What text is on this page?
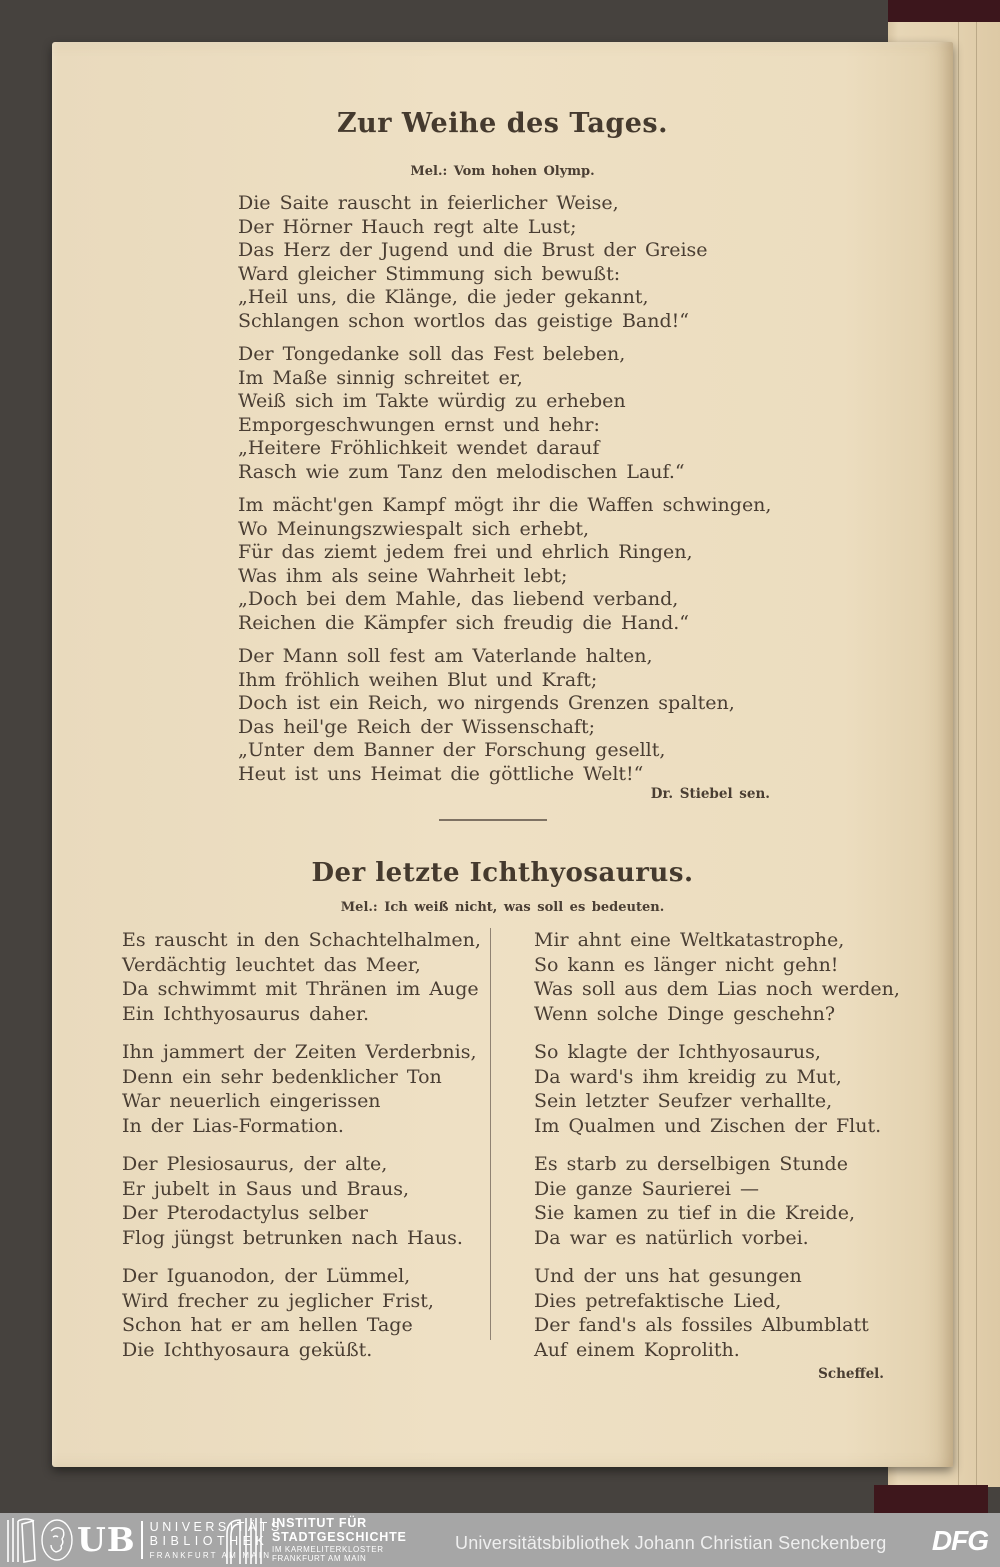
Zur Weihe des Tages.
Mel.: Vom hohen Olymp.
Die Saite rauscht in feierlicher Weise,
Der Hörner Hauch regt alte Lust;
Das Herz der Jugend und die Brust der Greise
Ward gleicher Stimmung sich bewußt:
„Heil uns, die Klänge, die jeder gekannt,
Schlangen schon wortlos das geistige Band!“
Der Tongedanke soll das Fest beleben,
Im Maße sinnig schreitet er,
Weiß sich im Takte würdig zu erheben
Emporgeschwungen ernst und hehr:
„Heitere Fröhlichkeit wendet darauf
Rasch wie zum Tanz den melodischen Lauf.“
Im mächt'gen Kampf mögt ihr die Waffen schwingen,
Wo Meinungszwiespalt sich erhebt,
Für das ziemt jedem frei und ehrlich Ringen,
Was ihm als seine Wahrheit lebt;
„Doch bei dem Mahle, das liebend verband,
Reichen die Kämpfer sich freudig die Hand.“
Der Mann soll fest am Vaterlande halten,
Ihm fröhlich weihen Blut und Kraft;
Doch ist ein Reich, wo nirgends Grenzen spalten,
Das heil'ge Reich der Wissenschaft;
„Unter dem Banner der Forschung gesellt,
Heut ist uns Heimat die göttliche Welt!“
Dr. Stiebel sen.
Der letzte Ichthyosaurus.
Mel.: Ich weiß nicht, was soll es bedeuten.
Es rauscht in den Schachtelhalmen,
Verdächtig leuchtet das Meer,
Da schwimmt mit Thränen im Auge
Ein Ichthyosaurus daher.
Ihn jammert der Zeiten Verderbnis,
Denn ein sehr bedenklicher Ton
War neuerlich eingerissen
In der Lias-Formation.
Der Plesiosaurus, der alte,
Er jubelt in Saus und Braus,
Der Pterodactylus selber
Flog jüngst betrunken nach Haus.
Der Iguanodon, der Lümmel,
Wird frecher zu jeglicher Frist,
Schon hat er am hellen Tage
Die Ichthyosaura geküßt.
Mir ahnt eine Weltkatastrophe,
So kann es länger nicht gehn!
Was soll aus dem Lias noch werden,
Wenn solche Dinge geschehn?
So klagte der Ichthyosaurus,
Da ward's ihm kreidig zu Mut,
Sein letzter Seufzer verhallte,
Im Qualmen und Zischen der Flut.
Es starb zu derselbigen Stunde
Die ganze Saurierei —
Sie kamen zu tief in die Kreide,
Da war es natürlich vorbei.
Und der uns hat gesungen
Dies petrefaktische Lied,
Der fand's als fossiles Albumblatt
Auf einem Koprolith.
Scheffel.
UB UNIVERSITÄTS
BIBLIOTHEK
FRANKFURT AM MAIN
INSTITUT FÜR
STADTGESCHICHTE
IM KARMELITERKLOSTER
FRANKFURT AM MAIN
Universitätsbibliothek Johann Christian Senckenberg DFG
